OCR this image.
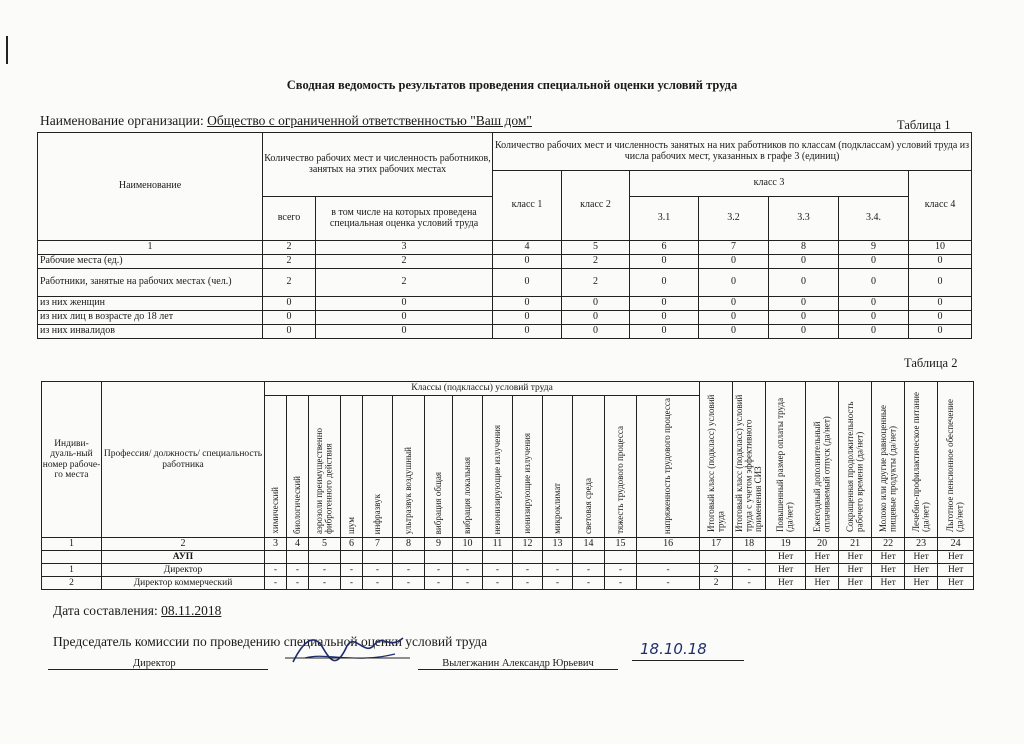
Сводная ведомость результатов проведения специальной оценки условий труда
Наименование организации: Общество с ограниченной ответственностью "Ваш дом"	Таблица 1
Наименование	Количество рабочих мест и численность работников, занятых на этих рабочих местах		Количество рабочих мест и численность занятых на них работников по классам (подклассам) условий труда из числа рабочих мест, указанных в графе 3 (единиц)						
			класс 1	класс 2	класс 3				класс 4
	всего	в том числе на которых проведена специальная оценка условий труда			3.1	3.2	3.3	3.4.	
1	2	3	4	5	6	7	8	9	10
Рабочие места (ед.)	2	2	0	2	0	0	0	0	0
Работники, занятые на рабочих местах (чел.)	2	2	0	2	0	0	0	0	0
из них женщин	0	0	0	0	0	0	0	0	0
из них лиц в возрасте до 18 лет	0	0	0	0	0	0	0	0	0
из них инвалидов	0	0	0	0	0	0	0	0	0
Таблица 2
Индиви-дуаль-ный номер рабоче-го места	Профессия/ должность/ специальность работника	Классы (подклассы) условий труда														Итоговый класс (подкласс) условий труда	Итоговый класс (подкласс) условий труда с учетом эффективного применения СИЗ	Повышенный размер оплаты труда (да/нет)	Ежегодный дополнительный оплачиваемый отпуск (да/нет)	Сокращенная продолжительность рабочего времени (да/нет)	Молоко или другие равноценные пищевые продукты (да/нет)	Лечебно-профилактическое питание (да/нет)	Льготное пенсионное обеспечение (да/нет)
		химический	биологический	аэрозоли преимущественно фиброгенного действия	шум	инфразвук	ультразвук воздушный	вибрация общая	вибрация локальная	неионизирующие излучения	ионизирующие излучения	микроклимат	световая среда	тяжесть трудового процесса	напряженность трудового процесса								
1	2	3	4	5	6	7	8	9	10	11	12	13	14	15	16	17	18	19	20	21	22	23	24
	АУП																	Нет	Нет	Нет	Нет	Нет	Нет
1	Директор	-	-	-	-	-	-	-	-	-	-	-	-	-	-	2	-	Нет	Нет	Нет	Нет	Нет	Нет
2	Директор коммерческий	-	-	-	-	-	-	-	-	-	-	-	-	-	-	2	-	Нет	Нет	Нет	Нет	Нет	Нет
Дата составления: 08.11.2018
Председатель комиссии по проведению специальной оценки условий труда
Директор	Вылегжанин Александр Юрьевич
18.10.18
